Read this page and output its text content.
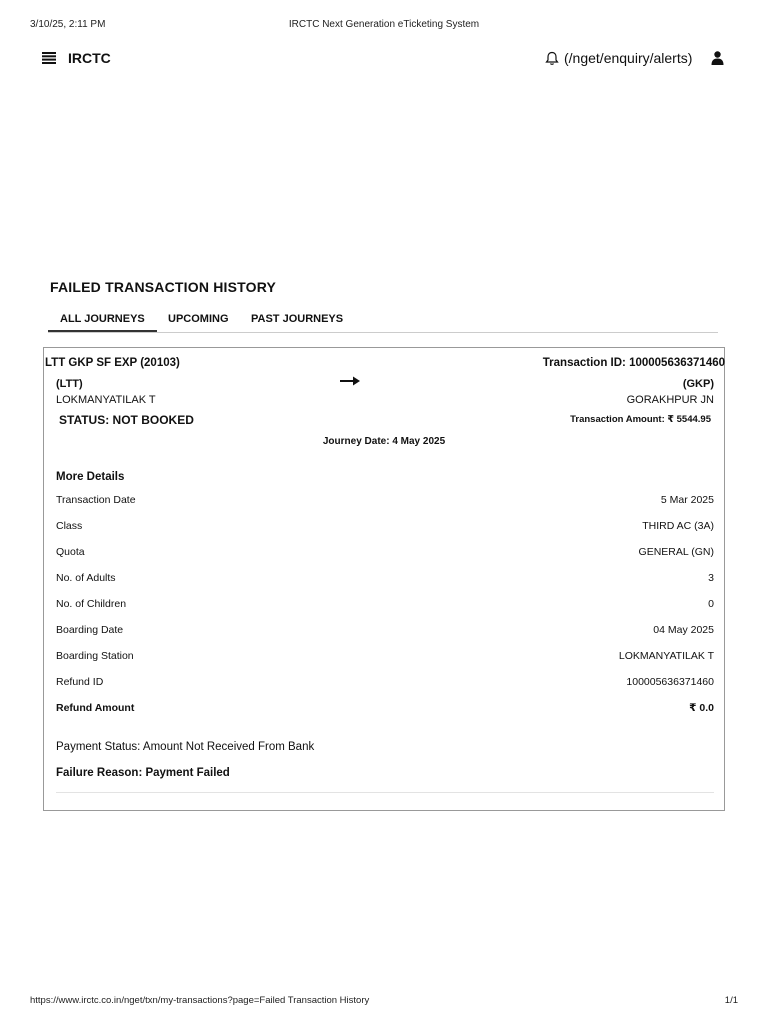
3/10/25, 2:11 PM	IRCTC Next Generation eTicketing System
IRCTC	(/nget/enquiry/alerts)
FAILED TRANSACTION HISTORY
ALL JOURNEYS	UPCOMING	PAST JOURNEYS
LTT GKP SF EXP (20103)	Transaction ID: 100005636371460
(LTT)	(GKP)
LOKMANYATILAK T	GORAKHPUR JN
STATUS: NOT BOOKED	Transaction Amount: ₹ 5544.95
Journey Date: 4 May 2025
More Details
Transaction Date	5 Mar 2025
Class	THIRD AC (3A)
Quota	GENERAL (GN)
No. of Adults	3
No. of Children	0
Boarding Date	04 May 2025
Boarding Station	LOKMANYATILAK T
Refund ID	100005636371460
Refund Amount	₹ 0.0
Payment Status: Amount Not Received From Bank
Failure Reason: Payment Failed
https://www.irctc.co.in/nget/txn/my-transactions?page=Failed Transaction History	1/1
